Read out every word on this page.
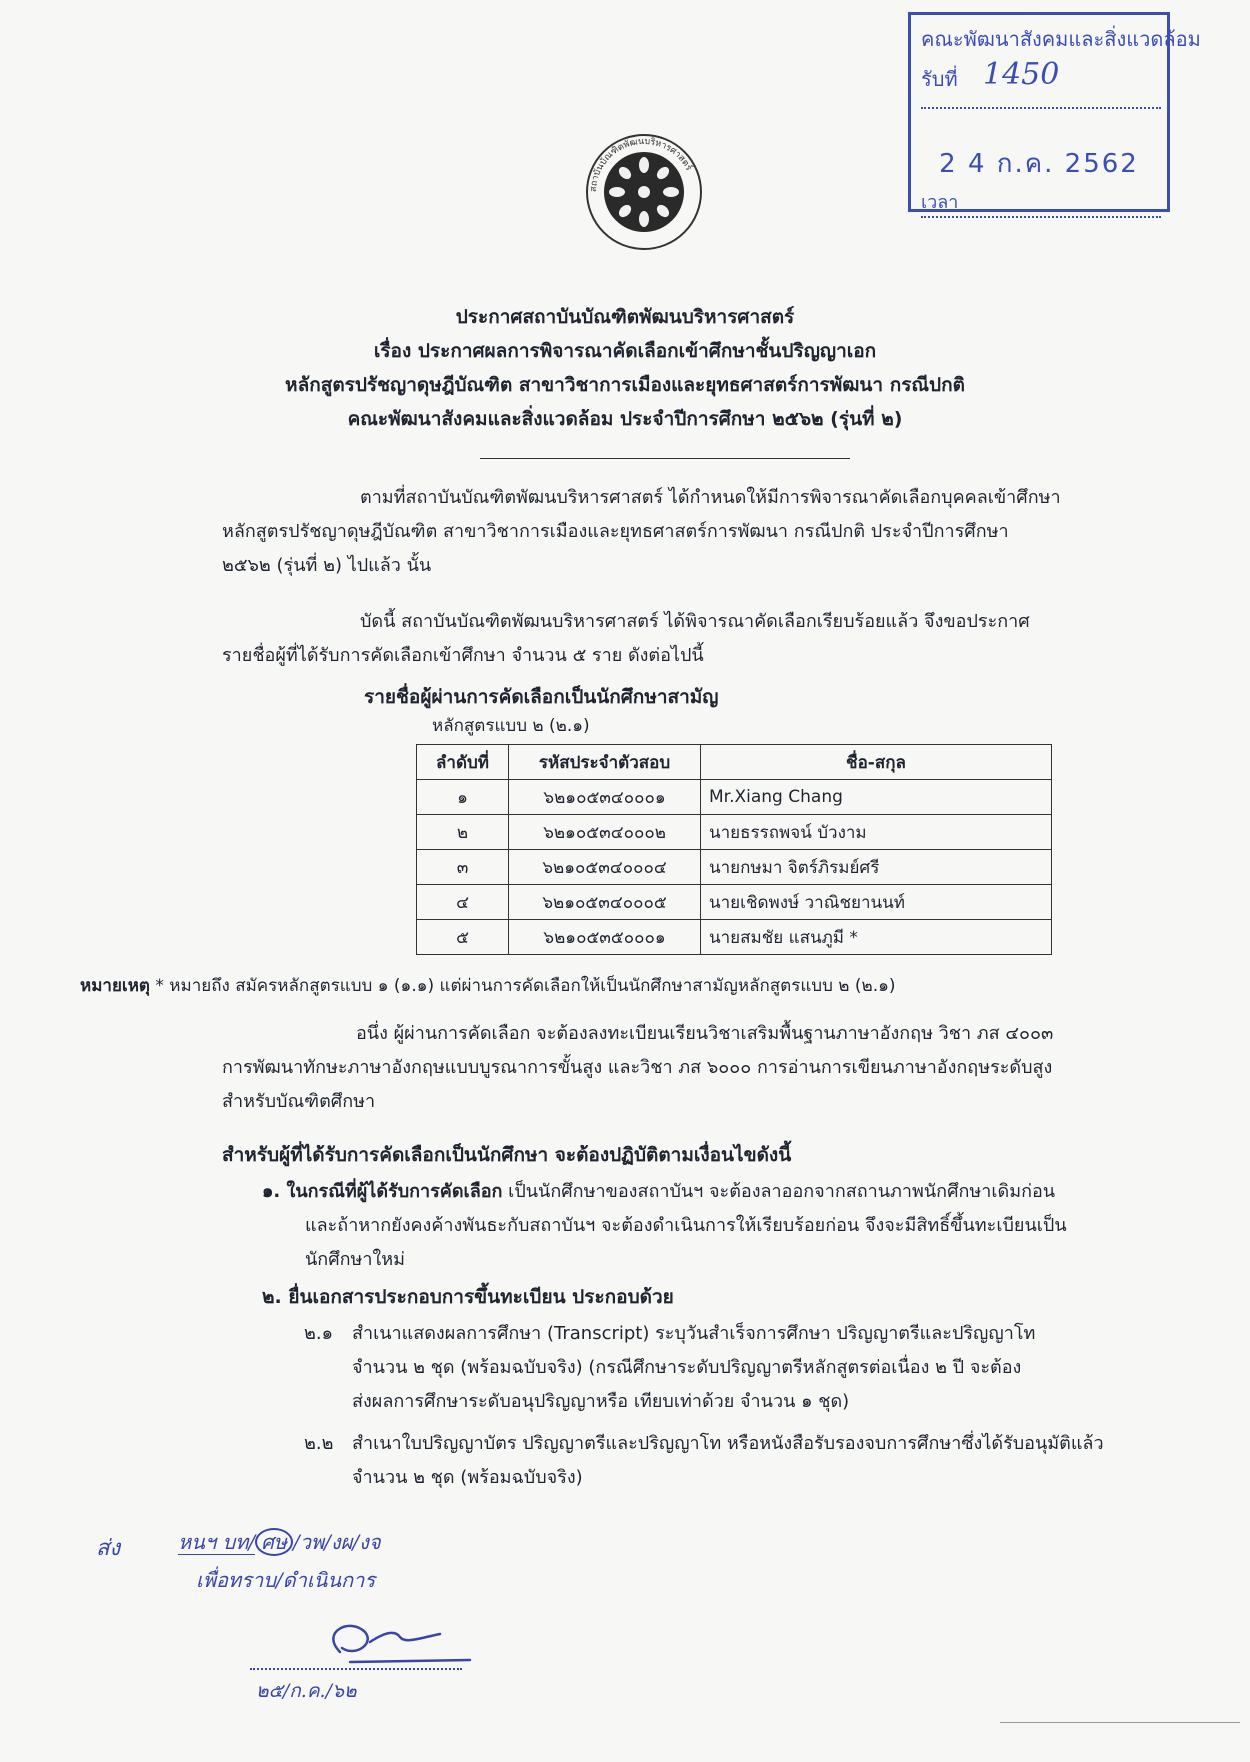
คณะพัฒนาสังคมและสิ่งแวดล้อม
รับที่ 1450
2 4 ก.ค. 2562
เวลา
สถาบันบัณฑิตพัฒนบริหารศาสตร์
ประกาศสถาบันบัณฑิตพัฒนบริหารศาสตร์
เรื่อง ประกาศผลการพิจารณาคัดเลือกเข้าศึกษาชั้นปริญญาเอก
หลักสูตรปรัชญาดุษฎีบัณฑิต สาขาวิชาการเมืองและยุทธศาสตร์การพัฒนา กรณีปกติ
คณะพัฒนาสังคมและสิ่งแวดล้อม ประจำปีการศึกษา ๒๕๖๒ (รุ่นที่ ๒)
ตามที่สถาบันบัณฑิตพัฒนบริหารศาสตร์ ได้กำหนดให้มีการพิจารณาคัดเลือกบุคคลเข้าศึกษา
หลักสูตรปรัชญาดุษฎีบัณฑิต สาขาวิชาการเมืองและยุทธศาสตร์การพัฒนา กรณีปกติ ประจำปีการศึกษา
๒๕๖๒ (รุ่นที่ ๒) ไปแล้ว นั้น
บัดนี้ สถาบันบัณฑิตพัฒนบริหารศาสตร์ ได้พิจารณาคัดเลือกเรียบร้อยแล้ว จึงขอประกาศ
รายชื่อผู้ที่ได้รับการคัดเลือกเข้าศึกษา จำนวน ๕ ราย ดังต่อไปนี้
รายชื่อผู้ผ่านการคัดเลือกเป็นนักศึกษาสามัญ
หลักสูตรแบบ ๒ (๒.๑)
ลำดับที่	รหัสประจำตัวสอบ	ชื่อ-สกุล
๑	๖๒๑๐๕๓๔๐๐๐๑	Mr.Xiang Chang
๒	๖๒๑๐๕๓๔๐๐๐๒	นายธรรถพจน์ บัวงาม
๓	๖๒๑๐๕๓๔๐๐๐๔	นายกษมา จิตร์ภิรมย์ศรี
๔	๖๒๑๐๕๓๔๐๐๐๕	นายเชิดพงษ์ วาณิชยานนท์
๕	๖๒๑๐๕๓๕๐๐๐๑	นายสมชัย แสนภูมี *
หมายเหตุ * หมายถึง สมัครหลักสูตรแบบ ๑ (๑.๑) แต่ผ่านการคัดเลือกให้เป็นนักศึกษาสามัญหลักสูตรแบบ ๒ (๒.๑)
อนึ่ง ผู้ผ่านการคัดเลือก จะต้องลงทะเบียนเรียนวิชาเสริมพื้นฐานภาษาอังกฤษ วิชา ภส ๔๐๐๓
การพัฒนาทักษะภาษาอังกฤษแบบบูรณาการขั้นสูง และวิชา ภส ๖๐๐๐ การอ่านการเขียนภาษาอังกฤษระดับสูง
สำหรับบัณฑิตศึกษา
สำหรับผู้ที่ได้รับการคัดเลือกเป็นนักศึกษา จะต้องปฏิบัติตามเงื่อนไขดังนี้
๑. ในกรณีที่ผู้ได้รับการคัดเลือก เป็นนักศึกษาของสถาบันฯ จะต้องลาออกจากสถานภาพนักศึกษาเดิมก่อน
และถ้าหากยังคงค้างพันธะกับสถาบันฯ จะต้องดำเนินการให้เรียบร้อยก่อน จึงจะมีสิทธิ์ขึ้นทะเบียนเป็น
นักศึกษาใหม่
๒. ยื่นเอกสารประกอบการขึ้นทะเบียน ประกอบด้วย
๒.๑ สำเนาแสดงผลการศึกษา (Transcript) ระบุวันสำเร็จการศึกษา ปริญญาตรีและปริญญาโท
จำนวน ๒ ชุด (พร้อมฉบับจริง) (กรณีศึกษาระดับปริญญาตรีหลักสูตรต่อเนื่อง ๒ ปี จะต้อง
ส่งผลการศึกษาระดับอนุปริญญาหรือ เทียบเท่าด้วย จำนวน ๑ ชุด)
๒.๒ สำเนาใบปริญญาบัตร ปริญญาตรีและปริญญาโท หรือหนังสือรับรองจบการศึกษาซึ่งได้รับอนุมัติแล้ว
จำนวน ๒ ชุด (พร้อมฉบับจริง)
ส่ง	หนฯ บท/ ศษ /วพ/งผ/งจ
เพื่อทราบ/ดำเนินการ
๒๕/ก.ค./๖๒
